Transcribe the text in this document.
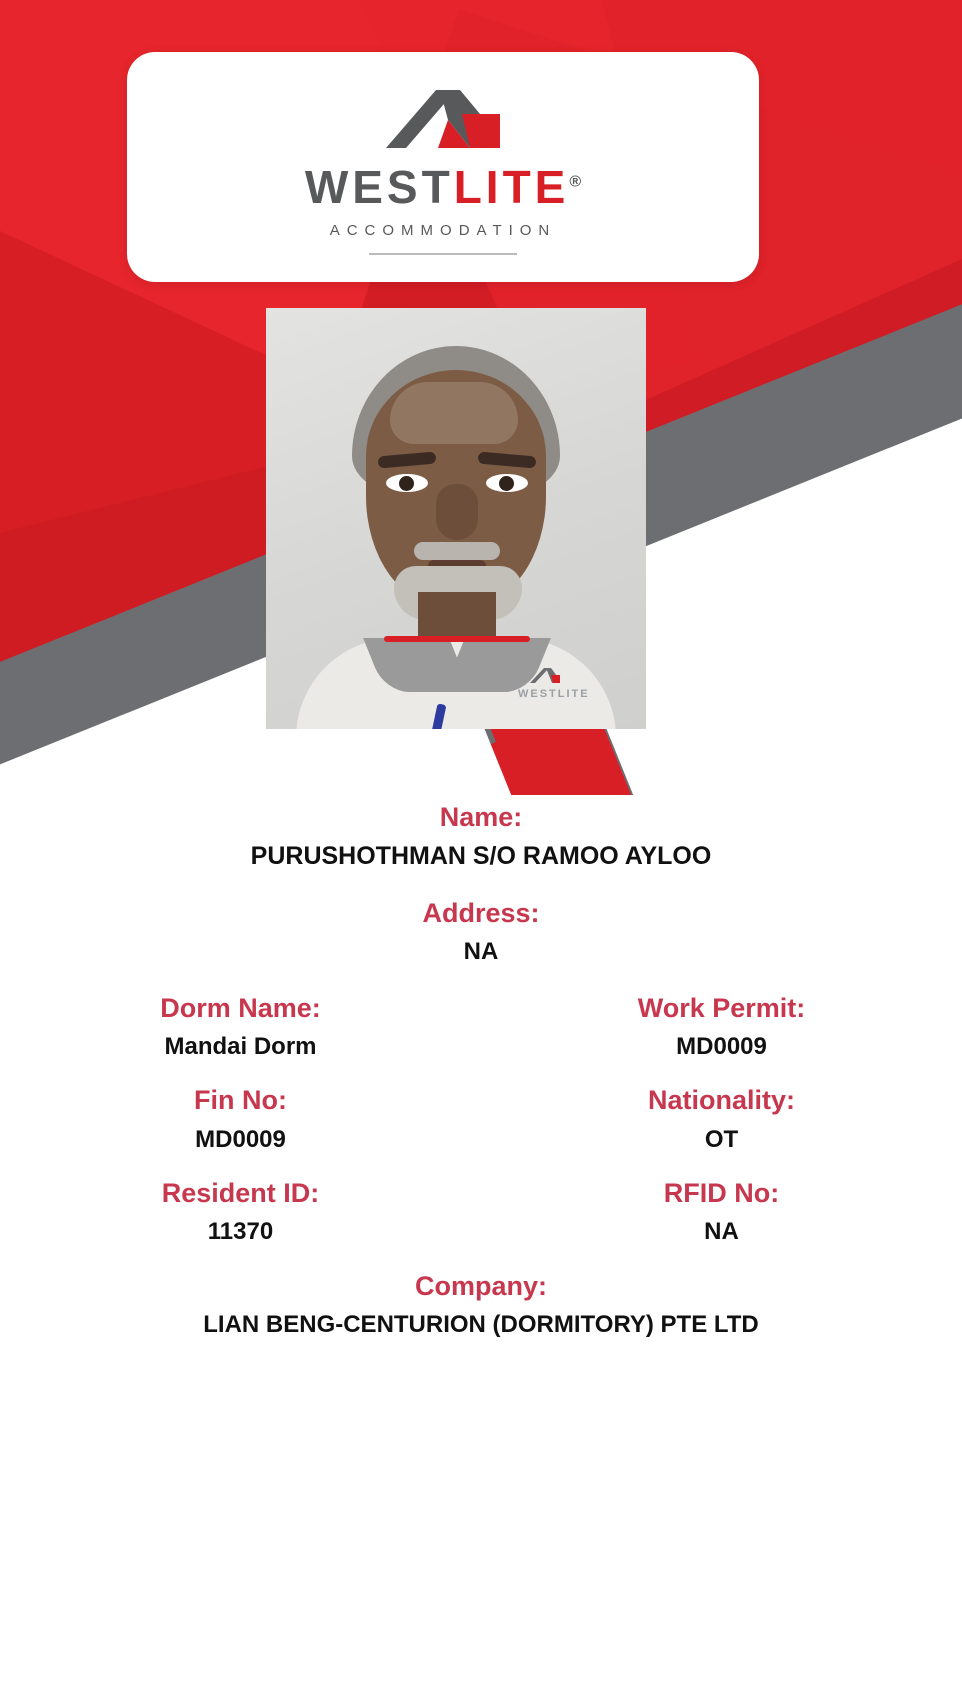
WESTLITE®
ACCOMMODATION
WESTLITE
Name:
PURUSHOTHMAN S/O RAMOO AYLOO
Address:
NA
Dorm Name:
Mandai Dorm
Work Permit:
MD0009
Fin No:
MD0009
Nationality:
OT
Resident ID:
11370
RFID No:
NA
Company:
LIAN BENG-CENTURION (DORMITORY) PTE LTD
